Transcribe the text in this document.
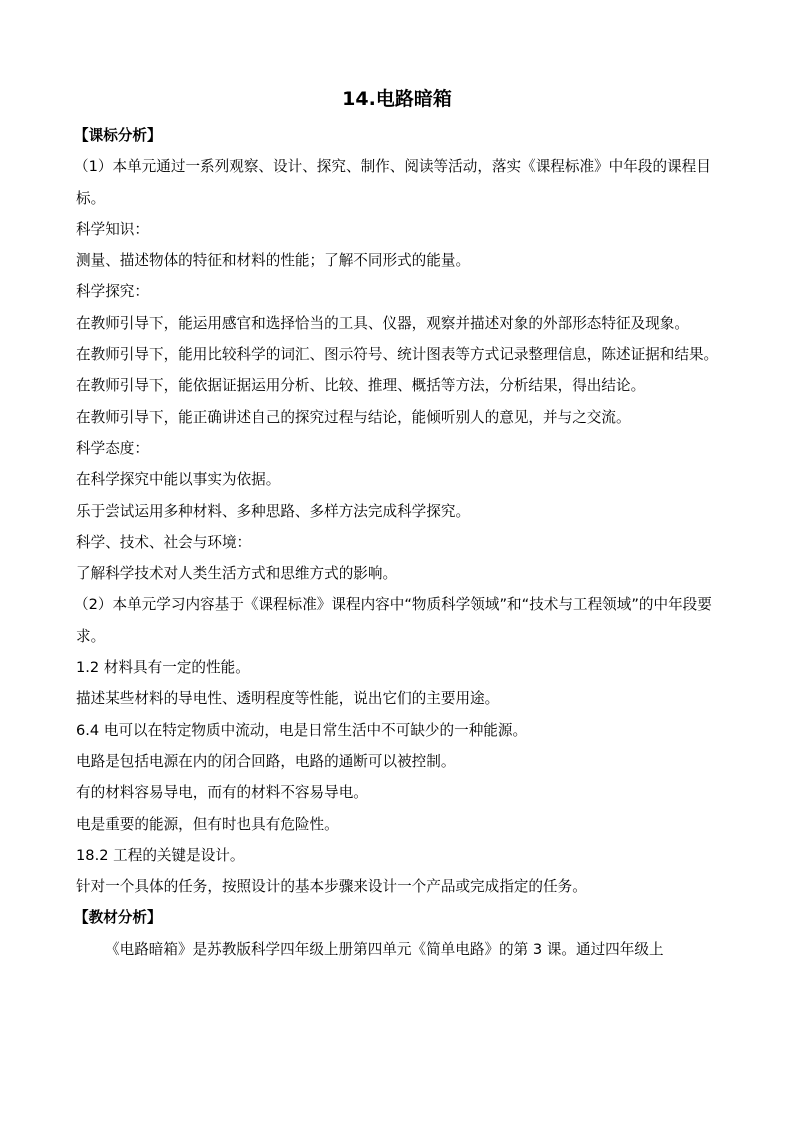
14.电路暗箱

【课标分析】

（1）本单元通过一系列观察、设计、探究、制作、阅读等活动，落实《课程标准》中年段的课程目标。

科学知识：

测量、描述物体的特征和材料的性能；了解不同形式的能量。

科学探究：

在教师引导下，能运用感官和选择恰当的工具、仪器，观察并描述对象的外部形态特征及现象。

在教师引导下，能用比较科学的词汇、图示符号、统计图表等方式记录整理信息，陈述证据和结果。

在教师引导下，能依据证据运用分析、比较、推理、概括等方法，分析结果，得出结论。

在教师引导下，能正确讲述自己的探究过程与结论，能倾听别人的意见，并与之交流。

科学态度：

在科学探究中能以事实为依据。

乐于尝试运用多种材料、多种思路、多样方法完成科学探究。

科学、技术、社会与环境：

了解科学技术对人类生活方式和思维方式的影响。

（2）本单元学习内容基于《课程标准》课程内容中“物质科学领域”和“技术与工程领域”的中年段要求。

1.2 材料具有一定的性能。

描述某些材料的导电性、透明程度等性能，说出它们的主要用途。

6.4 电可以在特定物质中流动，电是日常生活中不可缺少的一种能源。

电路是包括电源在内的闭合回路，电路的通断可以被控制。

有的材料容易导电，而有的材料不容易导电。

电是重要的能源，但有时也具有危险性。

18.2 工程的关键是设计。

针对一个具体的任务，按照设计的基本步骤来设计一个产品或完成指定的任务。

【教材分析】

《电路暗箱》是苏教版科学四年级上册第四单元《简单电路》的第 3 课。通过四年级上
